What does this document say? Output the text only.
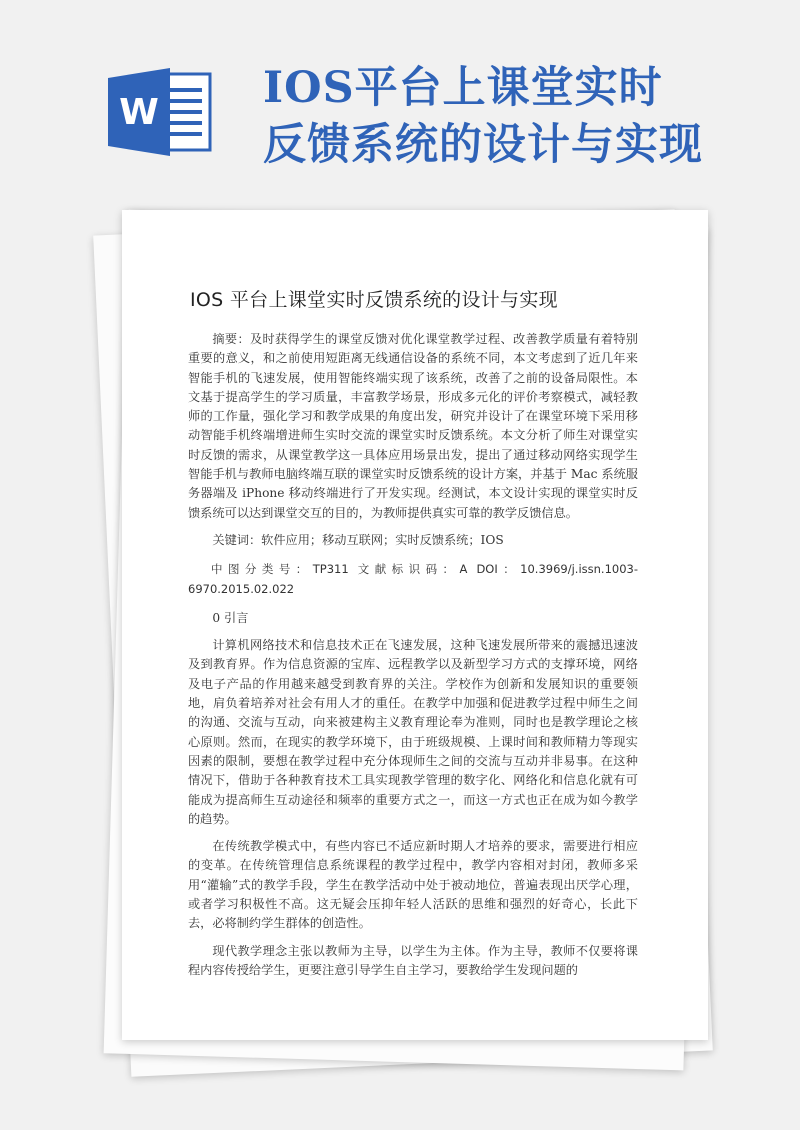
W IOS平台上课堂实时
反馈系统的设计与实现
IOS 平台上课堂实时反馈系统的设计与实现

摘要：及时获得学生的课堂反馈对优化课堂教学过程、改善教学质量有着特别重要的意义，和之前使用短距离无线通信设备的系统不同，本文考虑到了近几年来智能手机的飞速发展，使用智能终端实现了该系统，改善了之前的设备局限性。本文基于提高学生的学习质量，丰富教学场景，形成多元化的评价考察模式，减轻教师的工作量，强化学习和教学成果的角度出发，研究并设计了在课堂环境下采用移动智能手机终端增进师生实时交流的课堂实时反馈系统。本文分析了师生对课堂实时反馈的需求，从课堂教学这一具体应用场景出发，提出了通过移动网络实现学生智能手机与教师电脑终端互联的课堂实时反馈系统的设计方案，并基于 Mac 系统服务器端及 iPhone 移动终端进行了开发实现。经测试，本文设计实现的课堂实时反馈系统可以达到课堂交互的目的，为教师提供真实可靠的教学反馈信息。

关键词：软件应用；移动互联网；实时反馈系统；IOS

中图分类号：TP311 文献标识码：A DOI：10.3969/j.issn.1003-6970.2015.02.022

0 引言

计算机网络技术和信息技术正在飞速发展，这种飞速发展所带来的震撼迅速波及到教育界。作为信息资源的宝库、远程教学以及新型学习方式的支撑环境，网络及电子产品的作用越来越受到教育界的关注。学校作为创新和发展知识的重要领地，肩负着培养对社会有用人才的重任。在教学中加强和促进教学过程中师生之间的沟通、交流与互动，向来被建构主义教育理论奉为准则，同时也是教学理论之核心原则。然而，在现实的教学环境下，由于班级规模、上课时间和教师精力等现实因素的限制，要想在教学过程中充分体现师生之间的交流与互动并非易事。在这种情况下，借助于各种教育技术工具实现教学管理的数字化、网络化和信息化就有可能成为提高师生互动途径和频率的重要方式之一，而这一方式也正在成为如今教学的趋势。

在传统教学模式中，有些内容已不适应新时期人才培养的要求，需要进行相应的变革。在传统管理信息系统课程的教学过程中，教学内容相对封闭，教师多采用“灌输”式的教学手段，学生在教学活动中处于被动地位，普遍表现出厌学心理，或者学习积极性不高。这无疑会压抑年轻人活跃的思维和强烈的好奇心，长此下去，必将制约学生群体的创造性。

现代教学理念主张以教师为主导，以学生为主体。作为主导，教师不仅要将课程内容传授给学生，更要注意引导学生自主学习，要教给学生发现问题的
